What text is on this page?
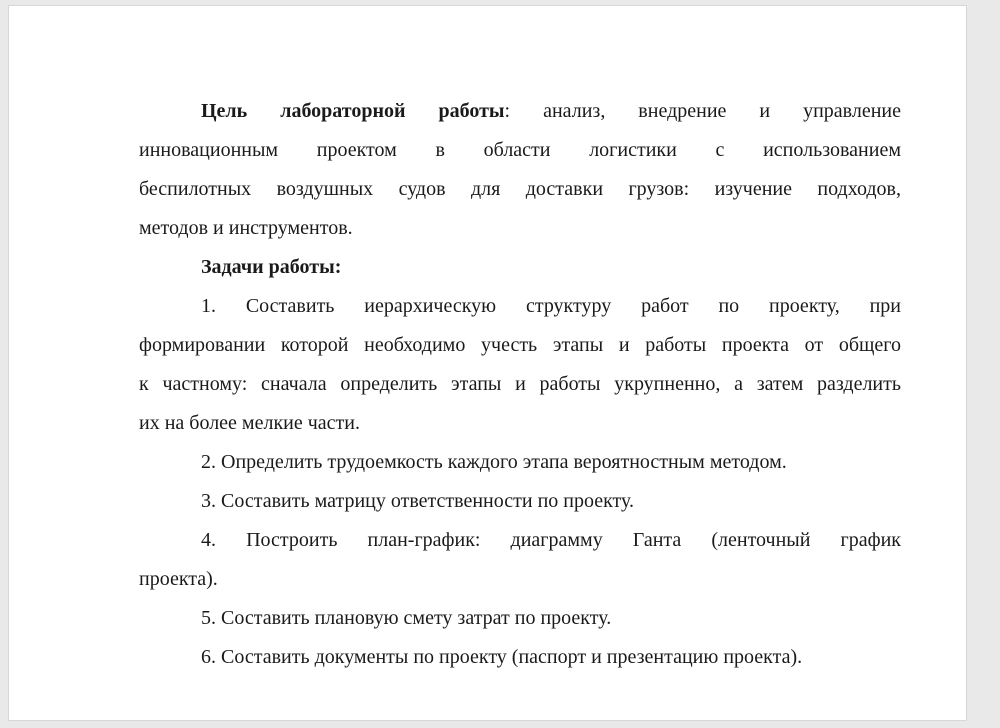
Цель лабораторной работы: анализ, внедрение и управление
инновационным проектом в области логистики с использованием
беспилотных воздушных судов для доставки грузов: изучение подходов,
методов и инструментов.
Задачи работы:
1. Составить иерархическую структуру работ по проекту, при
формировании которой необходимо учесть этапы и работы проекта от общего
к частному: сначала определить этапы и работы укрупненно, а затем разделить
их на более мелкие части.
2. Определить трудоемкость каждого этапа вероятностным методом.
3. Составить матрицу ответственности по проекту.
4. Построить план-график: диаграмму Ганта (ленточный график
проекта).
5. Составить плановую смету затрат по проекту.
6. Составить документы по проекту (паспорт и презентацию проекта).
